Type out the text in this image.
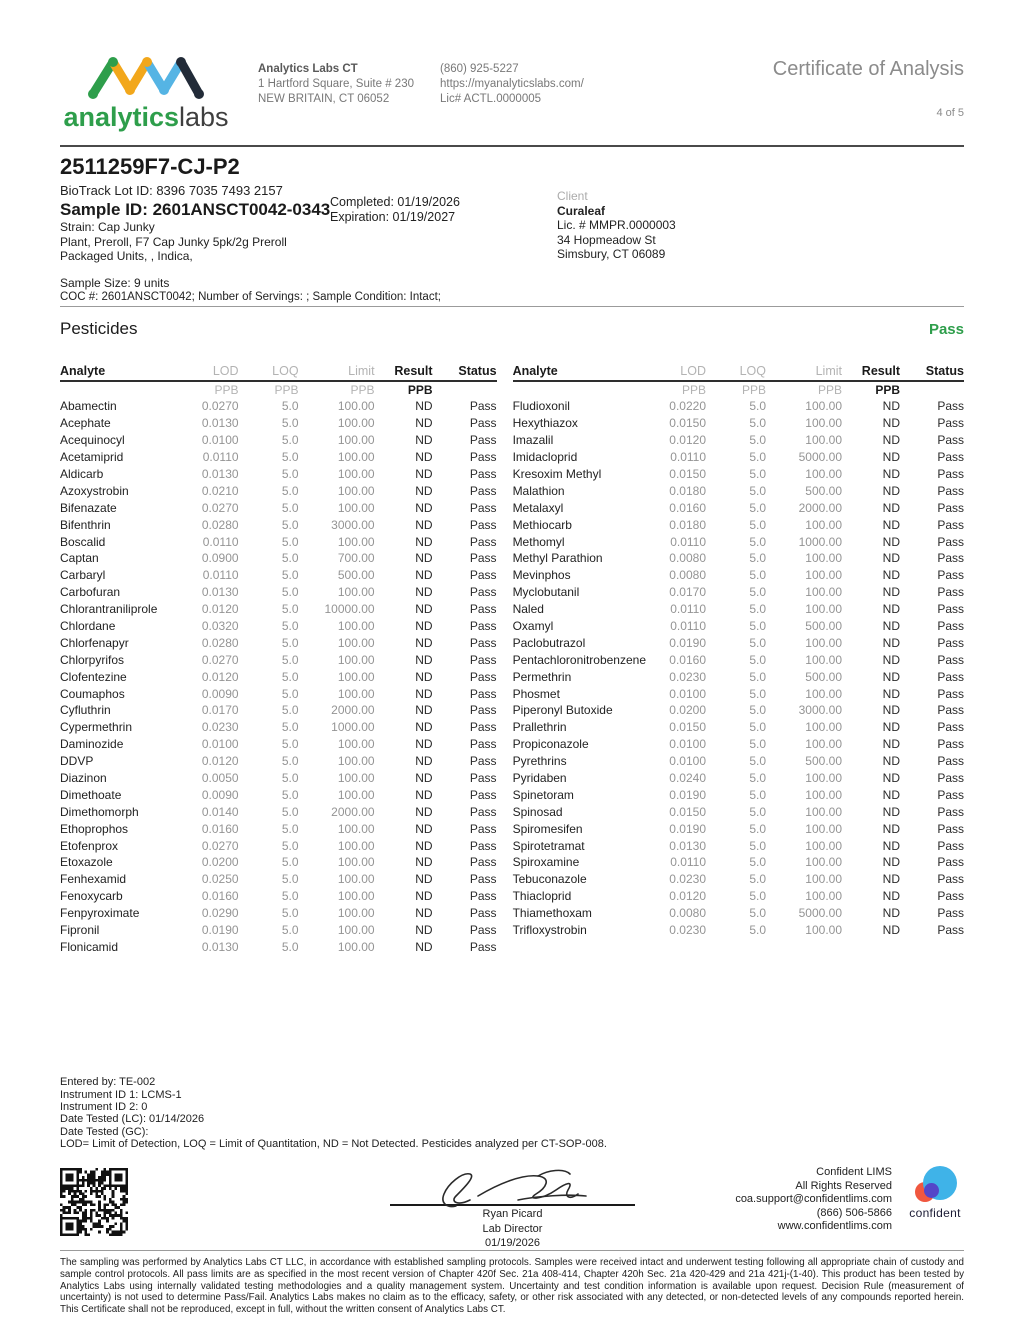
analyticslabs
Analytics Labs CT
1 Hartford Square, Suite # 230
NEW BRITAIN, CT 06052
(860) 925-5227
https://myanalyticslabs.com/
Lic# ACTL.0000005
Certificate of Analysis
4 of 5
2511259F7-CJ-P2
BioTrack Lot ID: 8396 7035 7493 2157
Sample ID: 2601ANSCT0042-0343
Strain: Cap Junky
Plant, Preroll, F7 Cap Junky 5pk/2g Preroll
Packaged Units, , Indica,
Sample Size: 9 units
COC #: 2601ANSCT0042; Number of Servings: ; Sample Condition: Intact;
Completed: 01/19/2026
Expiration: 01/19/2027
Client
Curaleaf
Lic. # MMPR.0000003
34 Hopmeadow St
Simsbury, CT 06089
Pesticides	Pass
Analyte	LOD	LOQ	Limit	Result	Status
PPB	PPB	PPB	PPB
Abamectin	0.0270	5.0	100.00	ND	Pass
Acephate	0.0130	5.0	100.00	ND	Pass
Acequinocyl	0.0100	5.0	100.00	ND	Pass
Acetamiprid	0.0110	5.0	100.00	ND	Pass
Aldicarb	0.0130	5.0	100.00	ND	Pass
Azoxystrobin	0.0210	5.0	100.00	ND	Pass
Bifenazate	0.0270	5.0	100.00	ND	Pass
Bifenthrin	0.0280	5.0	3000.00	ND	Pass
Boscalid	0.0110	5.0	100.00	ND	Pass
Captan	0.0900	5.0	700.00	ND	Pass
Carbaryl	0.0110	5.0	500.00	ND	Pass
Carbofuran	0.0130	5.0	100.00	ND	Pass
Chlorantraniliprole	0.0120	5.0	10000.00	ND	Pass
Chlordane	0.0320	5.0	100.00	ND	Pass
Chlorfenapyr	0.0280	5.0	100.00	ND	Pass
Chlorpyrifos	0.0270	5.0	100.00	ND	Pass
Clofentezine	0.0120	5.0	100.00	ND	Pass
Coumaphos	0.0090	5.0	100.00	ND	Pass
Cyfluthrin	0.0170	5.0	2000.00	ND	Pass
Cypermethrin	0.0230	5.0	1000.00	ND	Pass
Daminozide	0.0100	5.0	100.00	ND	Pass
DDVP	0.0120	5.0	100.00	ND	Pass
Diazinon	0.0050	5.0	100.00	ND	Pass
Dimethoate	0.0090	5.0	100.00	ND	Pass
Dimethomorph	0.0140	5.0	2000.00	ND	Pass
Ethoprophos	0.0160	5.0	100.00	ND	Pass
Etofenprox	0.0270	5.0	100.00	ND	Pass
Etoxazole	0.0200	5.0	100.00	ND	Pass
Fenhexamid	0.0250	5.0	100.00	ND	Pass
Fenoxycarb	0.0160	5.0	100.00	ND	Pass
Fenpyroximate	0.0290	5.0	100.00	ND	Pass
Fipronil	0.0190	5.0	100.00	ND	Pass
Flonicamid	0.0130	5.0	100.00	ND	Pass
Analyte	LOD	LOQ	Limit	Result	Status
PPB	PPB	PPB	PPB
Fludioxonil	0.0220	5.0	100.00	ND	Pass
Hexythiazox	0.0150	5.0	100.00	ND	Pass
Imazalil	0.0120	5.0	100.00	ND	Pass
Imidacloprid	0.0110	5.0	5000.00	ND	Pass
Kresoxim Methyl	0.0150	5.0	100.00	ND	Pass
Malathion	0.0180	5.0	500.00	ND	Pass
Metalaxyl	0.0160	5.0	2000.00	ND	Pass
Methiocarb	0.0180	5.0	100.00	ND	Pass
Methomyl	0.0110	5.0	1000.00	ND	Pass
Methyl Parathion	0.0080	5.0	100.00	ND	Pass
Mevinphos	0.0080	5.0	100.00	ND	Pass
Myclobutanil	0.0170	5.0	100.00	ND	Pass
Naled	0.0110	5.0	100.00	ND	Pass
Oxamyl	0.0110	5.0	500.00	ND	Pass
Paclobutrazol	0.0190	5.0	100.00	ND	Pass
Pentachloronitrobenzene	0.0160	5.0	100.00	ND	Pass
Permethrin	0.0230	5.0	500.00	ND	Pass
Phosmet	0.0100	5.0	100.00	ND	Pass
Piperonyl Butoxide	0.0200	5.0	3000.00	ND	Pass
Prallethrin	0.0150	5.0	100.00	ND	Pass
Propiconazole	0.0100	5.0	100.00	ND	Pass
Pyrethrins	0.0100	5.0	500.00	ND	Pass
Pyridaben	0.0240	5.0	100.00	ND	Pass
Spinetoram	0.0190	5.0	100.00	ND	Pass
Spinosad	0.0150	5.0	100.00	ND	Pass
Spiromesifen	0.0190	5.0	100.00	ND	Pass
Spirotetramat	0.0130	5.0	100.00	ND	Pass
Spiroxamine	0.0110	5.0	100.00	ND	Pass
Tebuconazole	0.0230	5.0	100.00	ND	Pass
Thiacloprid	0.0120	5.0	100.00	ND	Pass
Thiamethoxam	0.0080	5.0	5000.00	ND	Pass
Trifloxystrobin	0.0230	5.0	100.00	ND	Pass
Entered by: TE-002
Instrument ID 1: LCMS-1
Instrument ID 2: 0
Date Tested (LC): 01/14/2026
Date Tested (GC):
LOD= Limit of Detection, LOQ = Limit of Quantitation, ND = Not Detected. Pesticides analyzed per CT-SOP-008.
Ryan Picard
Lab Director
01/19/2026
Confident LIMS
All Rights Reserved
coa.support@confidentlims.com
(866) 506-5866
www.confidentlims.com
confident

The sampling was performed by Analytics Labs CT LLC, in accordance with established sampling protocols. Samples were received intact and underwent testing following all appropriate chain of custody and sample control protocols. All pass limits are as specified in the most recent version of Chapter 420f Sec. 21a 408-414, Chapter 420h Sec. 21a 420-429 and 21a 421j-(1-40). This product has been tested by Analytics Labs using internally validated testing methodologies and a quality management system. Uncertainty and test condition information is available upon request. Decision Rule (measurement of uncertainty) is not used to determine Pass/Fail. Analytics Labs makes no claim as to the efficacy, safety, or other risk associated with any detected, or non-detected levels of any compounds reported herein. This Certificate shall not be reproduced, except in full, without the written consent of Analytics Labs CT.
